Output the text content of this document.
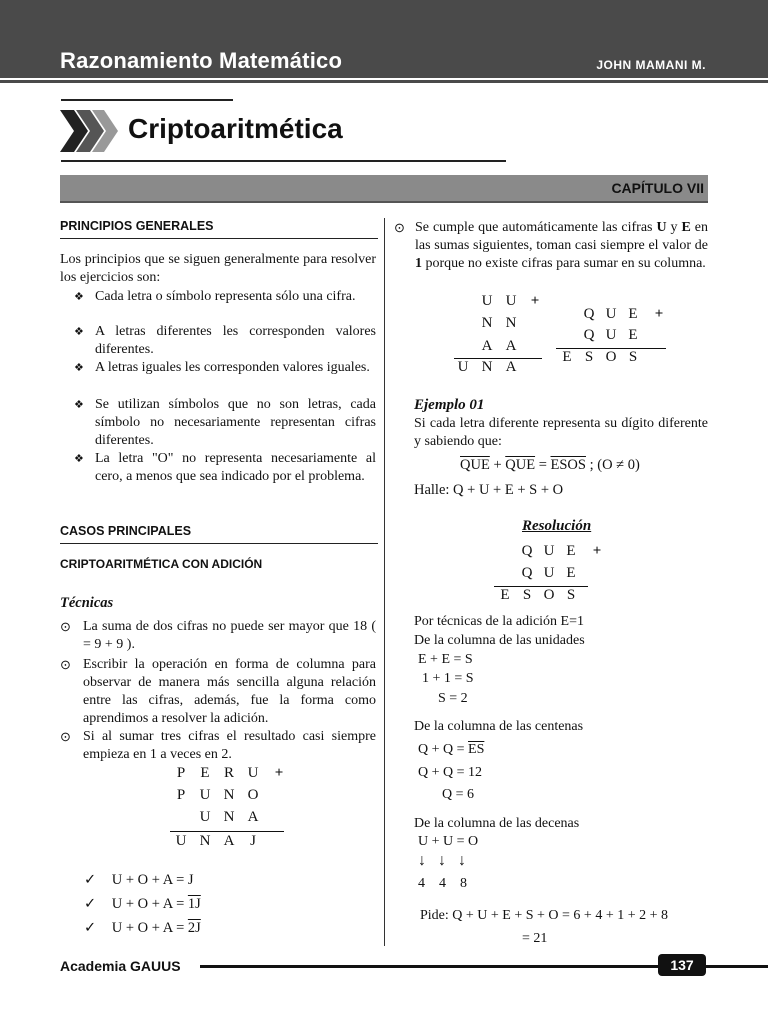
Razonamiento Matemático	JOHN MAMANI M.
Criptoaritmética
CAPÍTULO VII
PRINCIPIOS GENERALES
Los principios que se siguen generalmente para resolver los ejercicios son:
❖ Cada letra o símbolo representa sólo una cifra.
❖ A letras diferentes les corresponden valores diferentes.
❖ A letras iguales les corresponden valores iguales.
❖ Se utilizan símbolos que no son letras, cada símbolo no necesariamente representan cifras diferentes.
❖ La letra "O" no representa necesariamente al cero, a menos que sea indicado por el problema.
CASOS PRINCIPALES
CRIPTOARITMÉTICA CON ADICIÓN
Técnicas
⊙ La suma de dos cifras no puede ser mayor que 18 ( = 9 + 9 ).
⊙ Escribir la operación en forma de columna para observar de manera más sencilla alguna relación entre las cifras, además, fue la forma como aprendimos a resolver la adición.
⊙ Si al sumar tres cifras el resultado casi siempre empieza en 1 a veces en 2.
P	E R U	+
P U N O
U N A
U N A	J
✓ U + O + A = J
✓ U + O + A = 1J
✓ U + O + A = 2J
⊙ Se cumple que automáticamente las cifras U y E en las sumas siguientes, toman casi siempre el valor de 1 porque no existe cifras para sumar en su columna.
U U +
N N
A A
U N A
Q U E	+
Q U E
E S O S
Ejemplo 01
Si cada letra diferente representa su dígito diferente y sabiendo que:
$\overline{QUE} + \overline{QUE}$ = ESOS ; (O ≠ 0)
Halle: Q + U + E + S + O
Resolución
Q U E	+
Q U E
E S O S
Por técnicas de la adición E=1
De la columna de las unidades
E + E = S
1 + 1 = S
S = 2
De la columna de las centenas
$Q + Q = \overline{ES}$
Q + Q = 12
Q = 6
De la columna de las decenas
U + U = O
↓   ↓   ↓
4    4    8
Pide: Q + U + E + S + O = 6 + 4 + 1 + 2 + 8
= 21
Academia GAUUS	137
